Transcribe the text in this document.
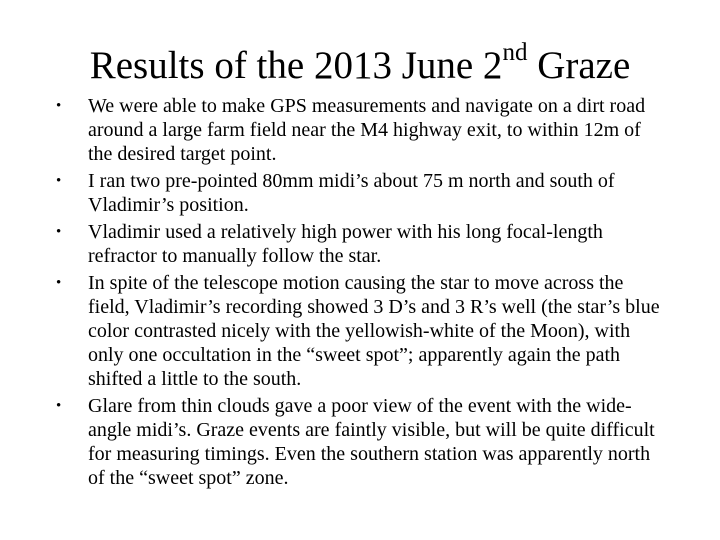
Results of the 2013 June 2nd Graze
• We were able to make GPS measurements and navigate on a dirt road around a large farm field near the M4 highway exit, to within 12m of the desired target point.
• I ran two pre-pointed 80mm midi’s about 75 m north and south of Vladimir’s position.
• Vladimir used a relatively high power with his long focal-length refractor to manually follow the star.
• In spite of the telescope motion causing the star to move across the field, Vladimir’s recording showed 3 D’s and 3 R’s well (the star’s blue color contrasted nicely with the yellowish-white of the Moon), with only one occultation in the “sweet spot”; apparently again the path shifted a little to the south.
• Glare from thin clouds gave a poor view of the event with the wide-angle midi’s. Graze events are faintly visible, but will be quite difficult for measuring timings. Even the southern station was apparently north of the “sweet spot” zone.
